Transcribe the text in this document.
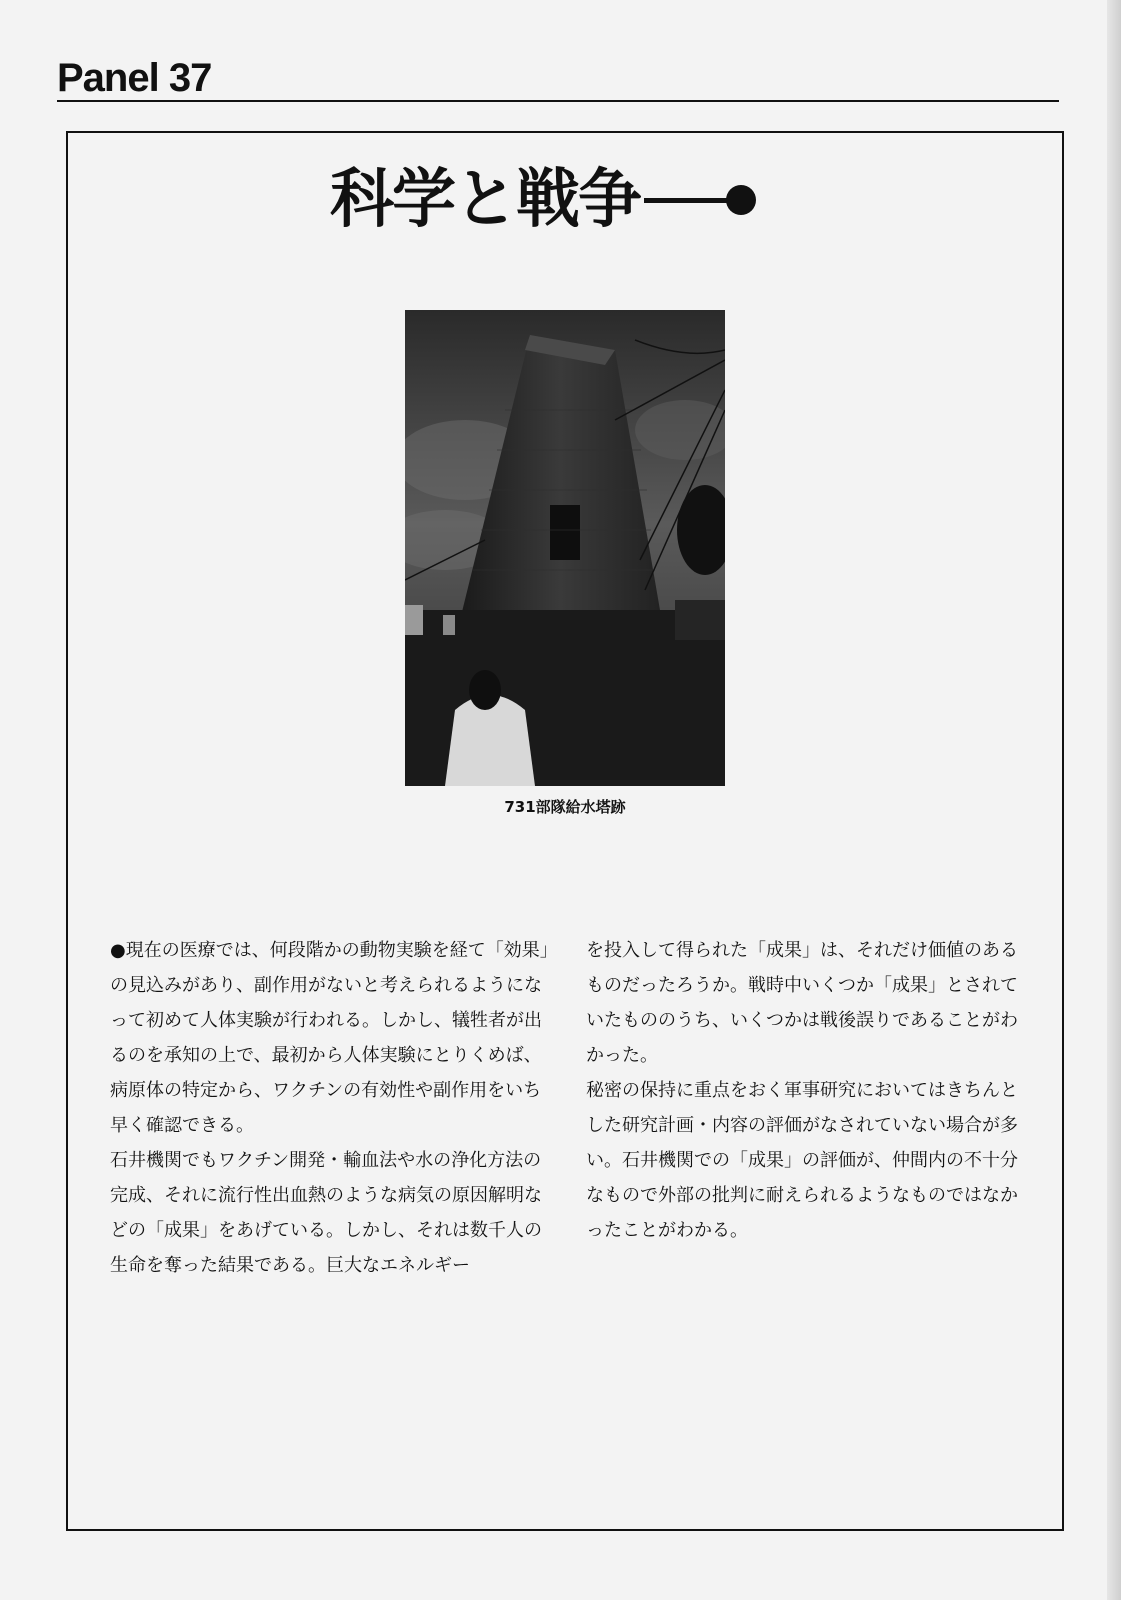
Panel 37
科学と戦争
731部隊給水塔跡

●現在の医療では、何段階かの動物実験を経て「効果」の見込みがあり、副作用がないと考えられるようになって初めて人体実験が行われる。しかし、犠牲者が出るのを承知の上で、最初から人体実験にとりくめば、病原体の特定から、ワクチンの有効性や副作用をいち早く確認できる。

石井機関でもワクチン開発・輸血法や水の浄化方法の完成、それに流行性出血熱のような病気の原因解明などの「成果」をあげている。しかし、それは数千人の生命を奪った結果である。巨大なエネルギー

を投入して得られた「成果」は、それだけ価値のあるものだったろうか。戦時中いくつか「成果」とされていたもののうち、いくつかは戦後誤りであることがわかった。

秘密の保持に重点をおく軍事研究においてはきちんとした研究計画・内容の評価がなされていない場合が多い。石井機関での「成果」の評価が、仲間内の不十分なもので外部の批判に耐えられるようなものではなかったことがわかる。
